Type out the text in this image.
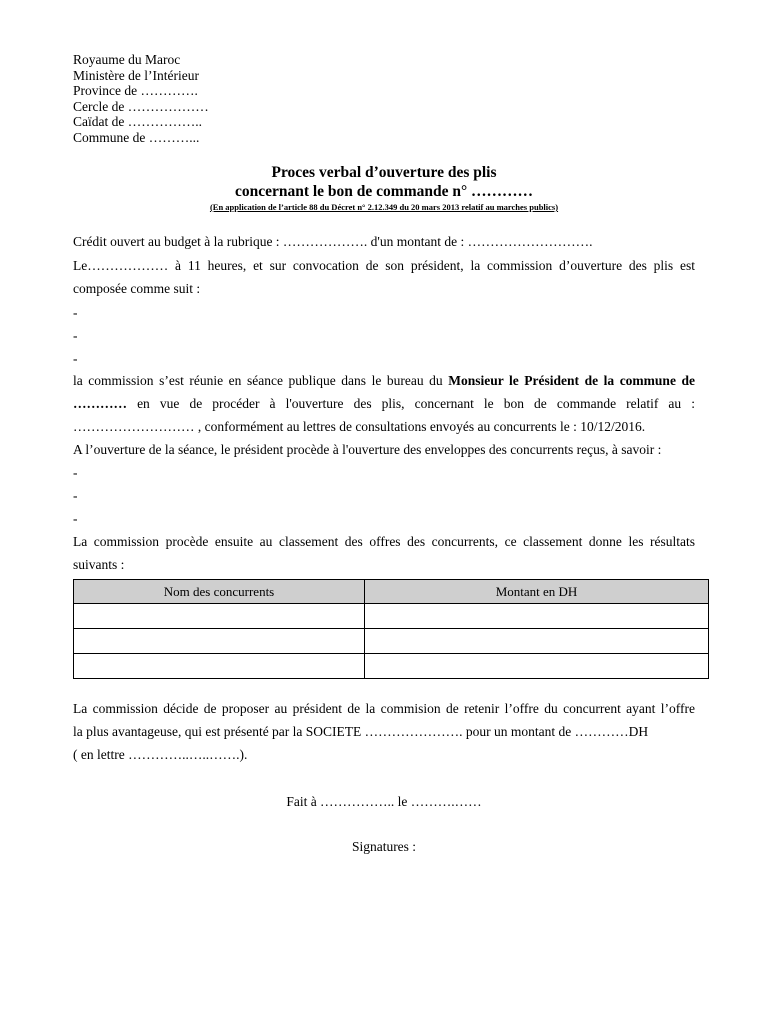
Royaume du Maroc
Ministère de l’Intérieur
Province de ………….
Cercle de ………………
Caïdat de ……………..
Commune de ………...
Proces verbal d’ouverture des plis
concernant le bon de commande n° …………
(En application de l’article 88 du Décret n° 2.12.349 du 20 mars 2013 relatif au marches publics)
Crédit ouvert au budget à la rubrique : ………………. d'un montant de : ……………………….
Le……………… à 11 heures, et sur convocation de son président, la commission d’ouverture des plis est
composée comme suit :
-
-
-
la commission s’est réunie en séance publique dans le bureau du Monsieur le Président de la commune de
………… en vue de procéder à l'ouverture des plis, concernant le bon de commande relatif au :
……………………… , conformément au lettres de consultations envoyés au concurrents le : 10/12/2016.
A l’ouverture de la séance, le président procède à l'ouverture des enveloppes des concurrents reçus, à savoir :
-
-
-
La commission procède ensuite au classement des offres des concurrents, ce classement donne les résultats
suivants :
Nom des concurrents	Montant en DH

La commission décide de proposer au président de la commision de retenir l’offre du concurrent ayant l’offre
la plus avantageuse, qui est présenté par la SOCIETE …………………. pour un montant de …………DH
( en lettre …………..…..…….).
Fait à …………….. le ……….……
Signatures :
